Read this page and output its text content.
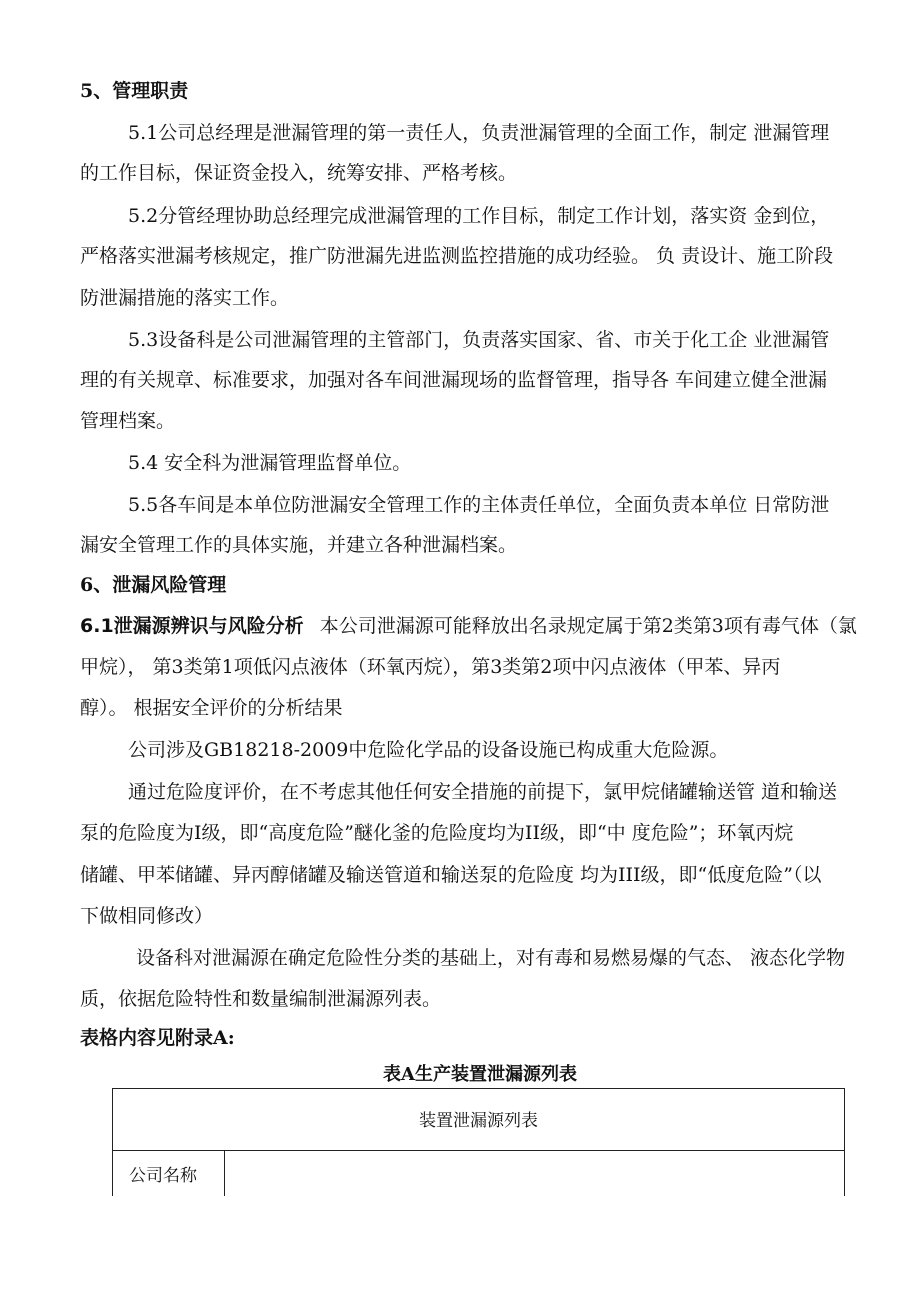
5、管理职责
5.1公司总经理是泄漏管理的第一责任人，负责泄漏管理的全面工作，制定 泄漏管理
的工作目标，保证资金投入，统筹安排、严格考核。
5.2分管经理协助总经理完成泄漏管理的工作目标，制定工作计划，落实资 金到位，
严格落实泄漏考核规定，推广防泄漏先进监测监控措施的成功经验。 负 责设计、施工阶段
防泄漏措施的落实工作。
5.3设备科是公司泄漏管理的主管部门，负责落实国家、省、市关于化工企 业泄漏管
理的有关规章、标准要求，加强对各车间泄漏现场的监督管理，指导各 车间建立健全泄漏
管理档案。
5.4 安全科为泄漏管理监督单位。
5.5各车间是本单位防泄漏安全管理工作的主体责任单位，全面负责本单位 日常防泄
漏安全管理工作的具体实施，并建立各种泄漏档案。
6、泄漏风险管理
6.1泄漏源辨识与风险分析 本公司泄漏源可能释放出名录规定属于第2类第3项有毒气体（氯
甲烷）， 第3类第1项低闪点液体（环氧丙烷），第3类第2项中闪点液体（甲苯、异丙
醇）。 根据安全评价的分析结果
公司涉及GB18218-2009中危险化学品的设备设施已构成重大危险源。
通过危险度评价，在不考虑其他任何安全措施的前提下，氯甲烷储罐输送管 道和输送
泵的危险度为I级，即“高度危险”醚化釜的危险度均为II级，即“中 度危险”；环氧丙烷
储罐、甲苯储罐、异丙醇储罐及输送管道和输送泵的危险度 均为III级，即“低度危险”（以
下做相同修改）
设备科对泄漏源在确定危险性分类的基础上，对有毒和易燃易爆的气态、 液态化学物
质，依据危险特性和数量编制泄漏源列表。
表格内容见附录A:
表A生产装置泄漏源列表
装置泄漏源列表
公司名称
